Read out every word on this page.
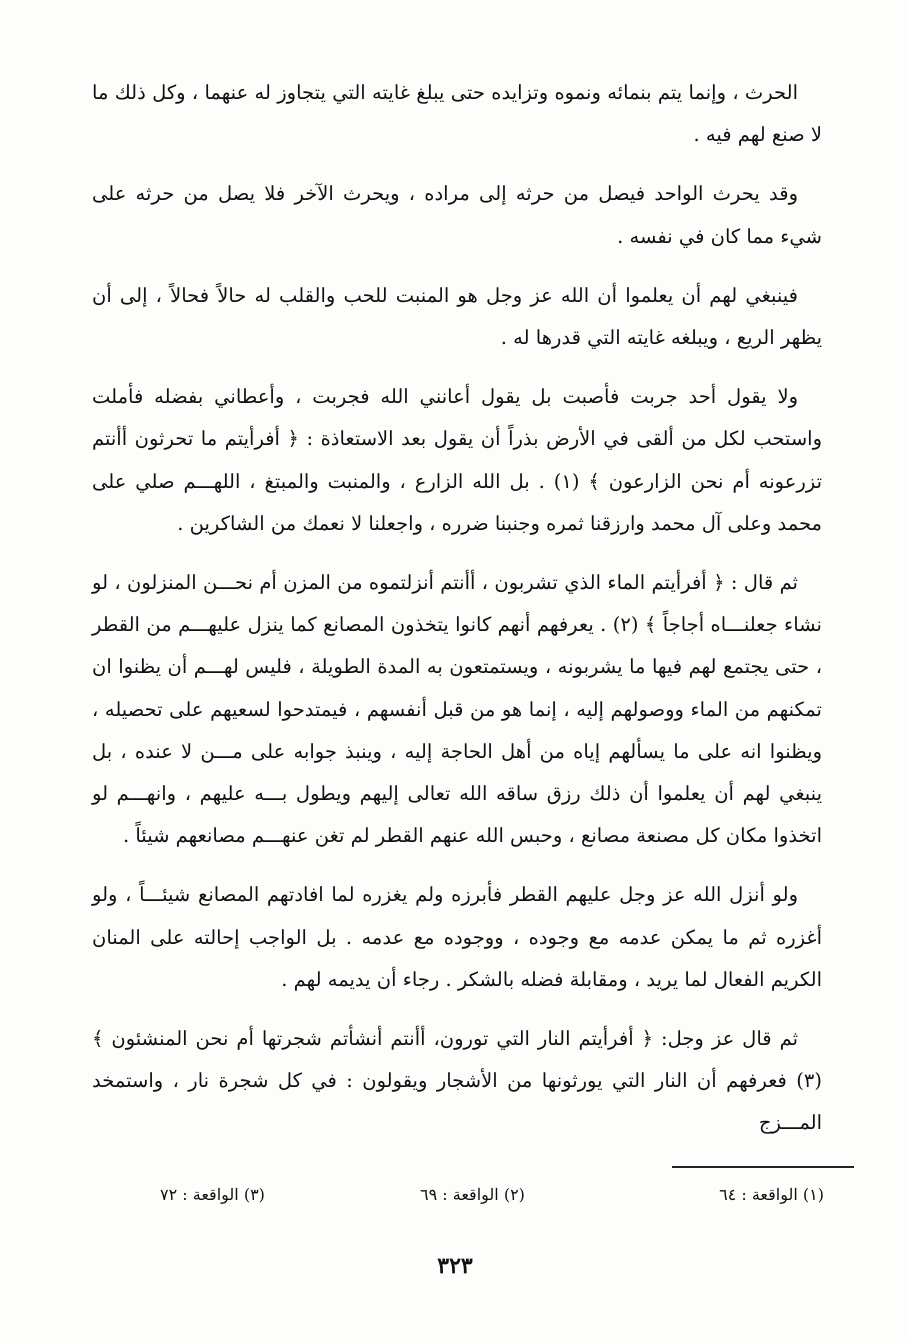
الحرث ، وإنما يتم بنمائه ونموه وتزايده حتى يبلغ غايته التي يتجاوز له عنهما ، وكل ذلك ما لا صنع لهم فيه .

وقد يحرث الواحد فيصل من حرثه إلى مراده ، ويحرث الآخر فلا يصل من حرثه على شيء مما كان في نفسه .

فينبغي لهم أن يعلموا أن الله عز وجل هو المنبت للحب والقلب له حالاً فحالاً ، إلى أن يظهر الريع ، ويبلغه غايته التي قدرها له .

ولا يقول أحد جربت فأصبت بل يقول أعانني الله فجربت ، وأعطاني بفضله فأملت واستحب لكل من ألقى في الأرض بذراً أن يقول بعد الاستعاذة : ﴿ أفرأيتم ما تحرثون أأنتم تزرعونه أم نحن الزارعون ﴾ (١) . بل الله الزارع ، والمنبت والمبتغ ، اللهـــم صلي على محمد وعلى آل محمد وارزقنا ثمره وجنبنا ضرره ، واجعلنا لا نعمك من الشاكرين .

ثم قال : ﴿ أفرأيتم الماء الذي تشربون ، أأنتم أنزلتموه من المزن أم نحـــن المنزلون ، لو نشاء جعلنـــاه أجاجاً ﴾ (٢) . يعرفهم أنهم كانوا يتخذون المصانع كما ينزل عليهـــم من القطر ، حتى يجتمع لهم فيها ما يشربونه ، ويستمتعون به المدة الطويلة ، فليس لهـــم أن يظنوا ان تمكنهم من الماء ووصولهم إليه ، إنما هو من قبل أنفسهم ، فيمتدحوا لسعيهم على تحصيله ، ويظنوا انه على ما يسألهم إياه من أهل الحاجة إليه ، وينبذ جوابه على مـــن لا عنده ، بل ينبغي لهم أن يعلموا أن ذلك رزق ساقه الله تعالى إليهم ويطول بـــه عليهم ، وانهـــم لو اتخذوا مكان كل مصنعة مصانع ، وحبس الله عنهم القطر لم تغن عنهـــم مصانعهم شيئاً .

ولو أنزل الله عز وجل عليهم القطر فأبرزه ولم يغزره لما افادتهم المصانع شيئـــاً ، ولو أغزره ثم ما يمكن عدمه مع وجوده ، ووجوده مع عدمه . بل الواجب إحالته على المنان الكريم الفعال لما يريد ، ومقابلة فضله بالشكر . رجاء أن يديمه لهم .

ثم قال عز وجل: ﴿ أفرأيتم النار التي تورون، أأنتم أنشأتم شجرتها أم نحن المنشئون ﴾ (٣) فعرفهم أن النار التي يورثونها من الأشجار ويقولون : في كل شجرة نار ، واستمخد المـــزج

(١) الواقعة : ٦٤
(٢) الواقعة : ٦٩
(٣) الواقعة : ٧٢
٣٢٣
